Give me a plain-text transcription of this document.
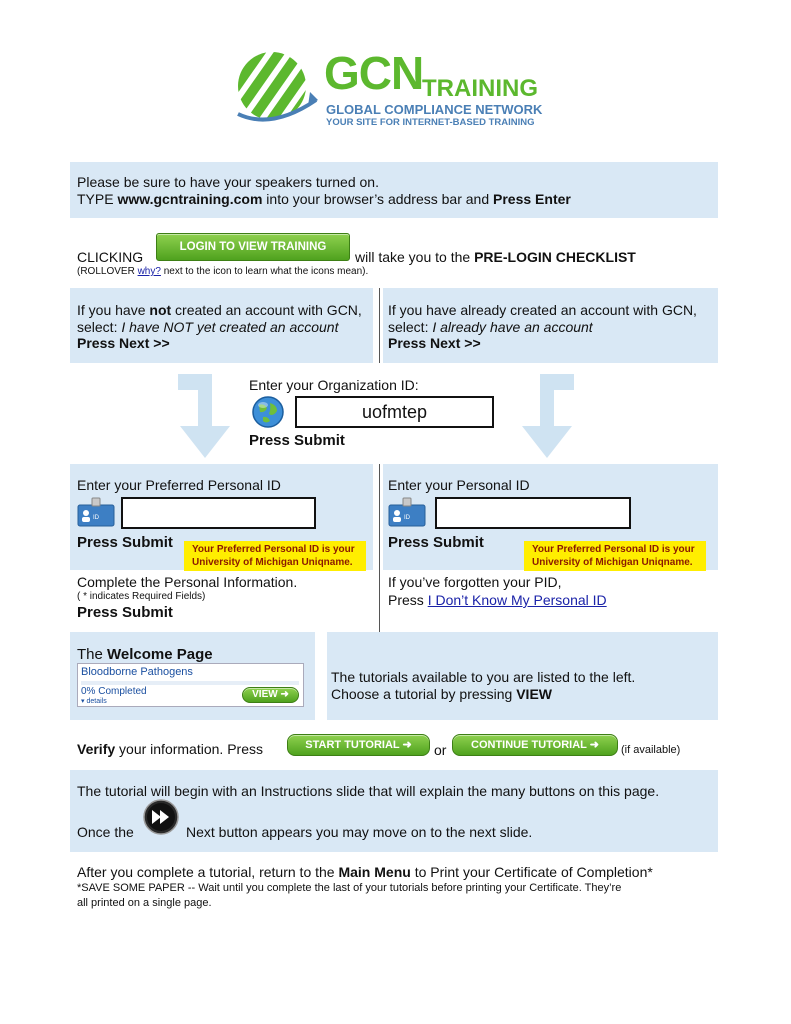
GCN
TRAINING
GLOBAL COMPLIANCE NETWORK
YOUR SITE FOR INTERNET-BASED TRAINING
Please be sure to have your speakers turned on.
TYPE www.gcntraining.com into your browser’s address bar and Press Enter
CLICKING
LOGIN TO VIEW TRAINING
will take you to the PRE-LOGIN CHECKLIST
(ROLLOVER why? next to the icon to learn what the icons mean).
If you have not created an account with GCN,
select: I have NOT yet created an account
Press Next >>
If you have already created an account with GCN,
select: I already have an account
Press Next >>
Enter your Organization ID:
uofmtep
Press Submit
Enter your Preferred Personal ID
ID
Press Submit Your Preferred Personal ID is your
University of Michigan Uniqname.
Complete the Personal Information.
( * indicates Required Fields)
Press Submit
Enter your Personal ID
ID
Press Submit	Your Preferred Personal ID is your
University of Michigan Uniqname.
If you’ve forgotten your PID,
Press I Don’t Know My Personal ID
The Welcome Page
Bloodborne Pathogens
0% Completed
▾ details
VIEW ➜
The tutorials available to you are listed to the left.
Choose a tutorial by pressing VIEW
Verify your information. Press	START TUTORIAL ➜	or	CONTINUE TUTORIAL ➜	(if available)
The tutorial will begin with an Instructions slide that will explain the many buttons on this page.
Once the	Next button appears you may move on to the next slide.
After you complete a tutorial, return to the Main Menu to Print your Certificate of Completion*
*SAVE SOME PAPER -- Wait until you complete the last of your tutorials before printing your Certificate. They’re
all printed on a single page.
